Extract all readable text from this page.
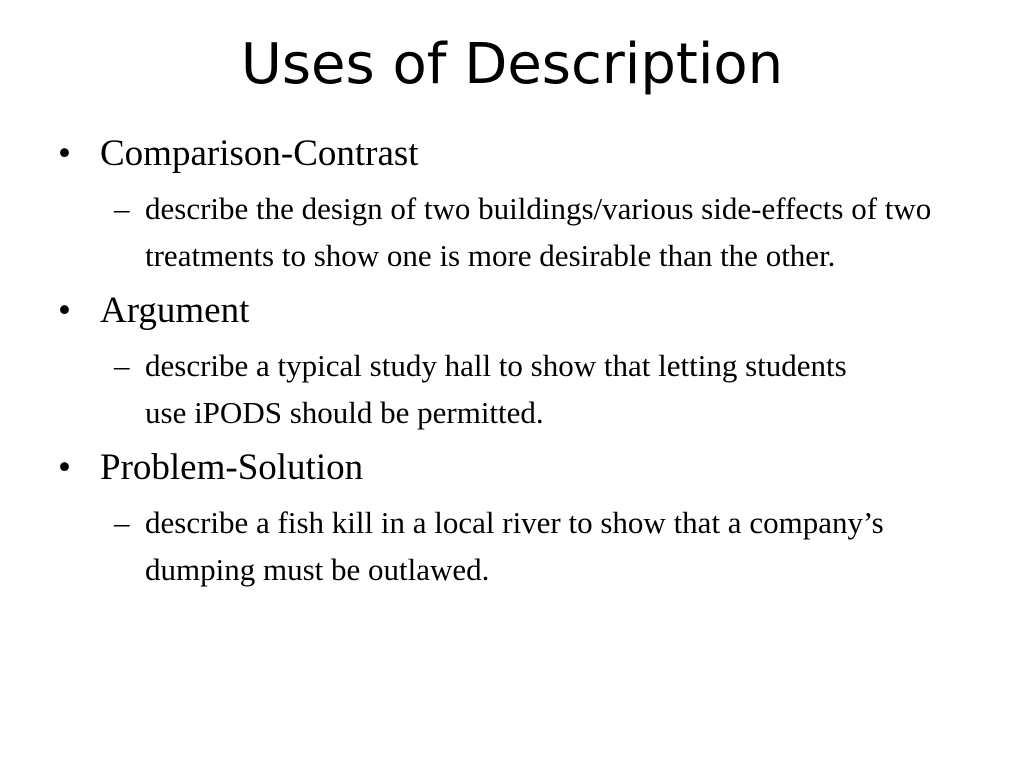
Uses of Description
• Comparison-Contrast
– describe the design of two buildings/various side-effects of two treatments to show one is more desirable than the other.
• Argument
– describe a typical study hall to show that letting students use iPODS should be permitted.
• Problem-Solution
– describe a fish kill in a local river to show that a company’s dumping must be outlawed.
